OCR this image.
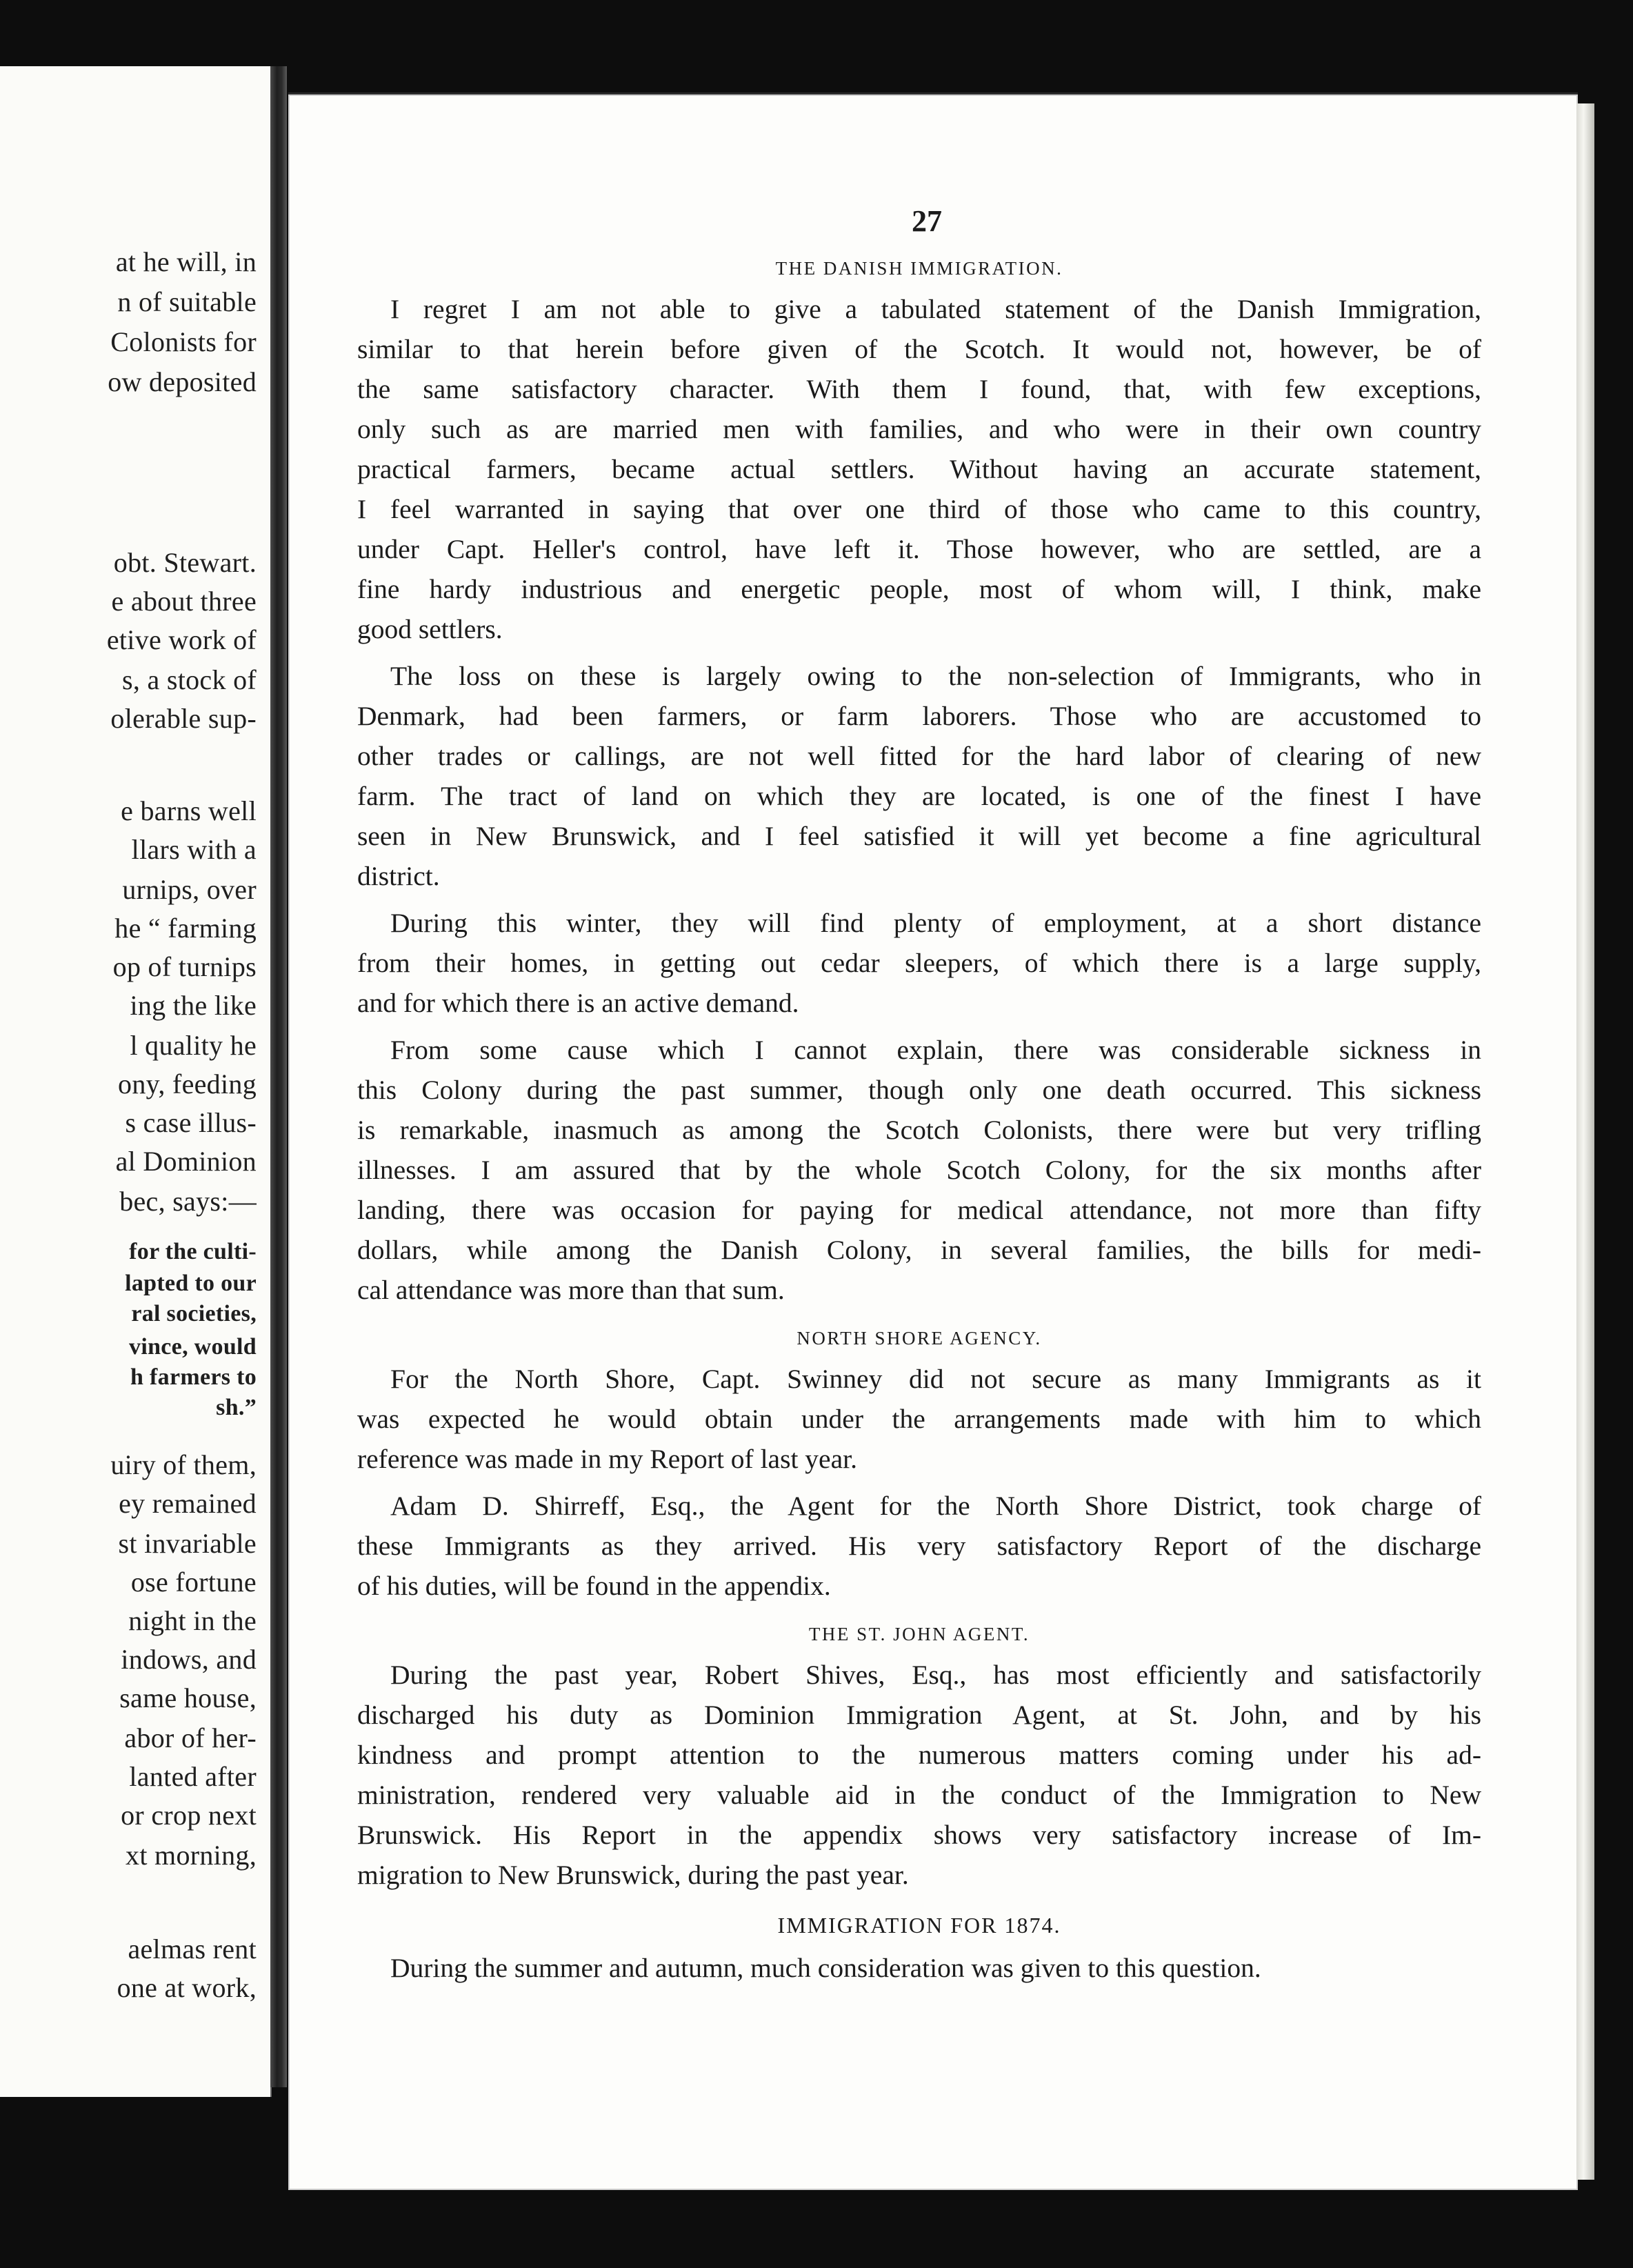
at he will, in
n of suitable
Colonists for
ow deposited
obt. Stewart.
e about three
etive work of
s, a stock of
olerable sup-
e barns well
llars with a
urnips, over
he “ farming
op of turnips
ing the like
l quality he
ony, feeding
s case illus-
al Dominion
bec, says:—
for the culti-
lapted to our
ral societies,
vince, would
h farmers to
sh.”
uiry of them,
ey remained
st invariable
ose fortune
night in the
indows, and
same house,
abor of her-
lanted after
or crop next
xt morning,
aelmas rent
one at work,
27
THE DANISH IMMIGRATION.

I regret I am not able to give a tabulated statement of the Danish Immigration,

similar to that herein before given of the Scotch. It would not, however, be of

the same satisfactory character. With them I found, that, with few exceptions,

only such as are married men with families, and who were in their own country

practical farmers, became actual settlers. Without having an accurate statement,

I feel warranted in saying that over one third of those who came to this country,

under Capt. Heller's control, have left it. Those however, who are settled, are a

fine hardy industrious and energetic people, most of whom will, I think, make

good settlers.

The loss on these is largely owing to the non-selection of Immigrants, who in

Denmark, had been farmers, or farm laborers. Those who are accustomed to

other trades or callings, are not well fitted for the hard labor of clearing of new

farm. The tract of land on which they are located, is one of the finest I have

seen in New Brunswick, and I feel satisfied it will yet become a fine agricultural

district.

During this winter, they will find plenty of employment, at a short distance

from their homes, in getting out cedar sleepers, of which there is a large supply,

and for which there is an active demand.

From some cause which I cannot explain, there was considerable sickness in

this Colony during the past summer, though only one death occurred. This sickness

is remarkable, inasmuch as among the Scotch Colonists, there were but very trifling

illnesses. I am assured that by the whole Scotch Colony, for the six months after

landing, there was occasion for paying for medical attendance, not more than fifty

dollars, while among the Danish Colony, in several families, the bills for medi-

cal attendance was more than that sum.

NORTH SHORE AGENCY.

For the North Shore, Capt. Swinney did not secure as many Immigrants as it

was expected he would obtain under the arrangements made with him to which

reference was made in my Report of last year.

Adam D. Shirreff, Esq., the Agent for the North Shore District, took charge of

these Immigrants as they arrived. His very satisfactory Report of the discharge

of his duties, will be found in the appendix.

THE ST. JOHN AGENT.

During the past year, Robert Shives, Esq., has most efficiently and satisfactorily

discharged his duty as Dominion Immigration Agent, at St. John, and by his

kindness and prompt attention to the numerous matters coming under his ad-

ministration, rendered very valuable aid in the conduct of the Immigration to New

Brunswick. His Report in the appendix shows very satisfactory increase of Im-

migration to New Brunswick, during the past year.

IMMIGRATION FOR 1874.

During the summer and autumn, much consideration was given to this question.
